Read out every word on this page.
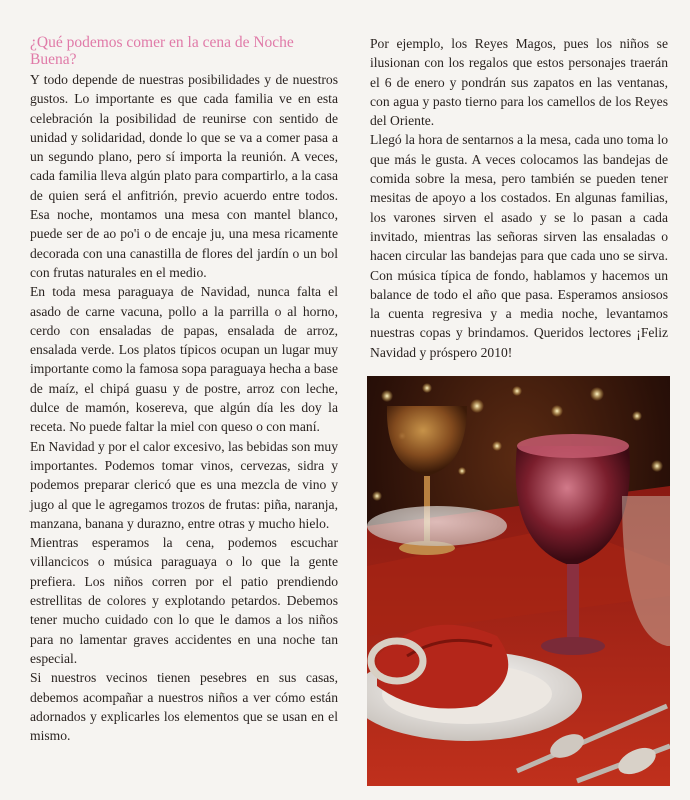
¿Qué podemos comer en la cena de Noche Buena?

Y todo depende de nuestras posibilidades y de nuestros gustos. Lo importante es que cada familia ve en esta celebración la posibilidad de reunirse con sentido de unidad y solidaridad, donde lo que se va a comer pasa a un segundo plano, pero sí importa la reunión. A veces, cada familia lleva algún plato para compartirlo, a la casa de quien será el anfitrión, previo acuerdo entre todos. Esa noche, montamos una mesa con mantel blanco, puede ser de ao po'i o de encaje ju, una mesa ricamente decorada con una canastilla de flores del jardín o un bol con frutas naturales en el medio.

En toda mesa paraguaya de Navidad, nunca falta el asado de carne vacuna, pollo a la parrilla o al horno, cerdo con ensaladas de papas, ensalada de arroz, ensalada verde. Los platos típicos ocupan un lugar muy importante como la famosa sopa paraguaya hecha a base de maíz, el chipá guasu y de postre, arroz con leche, dulce de mamón, kosereva, que algún día les doy la receta. No puede faltar la miel con queso o con maní.

En Navidad y por el calor excesivo, las bebidas son muy importantes. Podemos tomar vinos, cervezas, sidra y podemos preparar clericó que es una mezcla de vino y jugo al que le agregamos trozos de frutas: piña, naranja, manzana, banana y durazno, entre otras y mucho hielo.

Mientras esperamos la cena, podemos escuchar villancicos o música paraguaya o lo que la gente prefiera. Los niños corren por el patio prendiendo estrellitas de colores y explotando petardos. Debemos tener mucho cuidado con lo que le damos a los niños para no lamentar graves accidentes en una noche tan especial.

Si nuestros vecinos tienen pesebres en sus casas, debemos acompañar a nuestros niños a ver cómo están adornados y explicarles los elementos que se usan en el mismo.

Por ejemplo, los Reyes Magos, pues los niños se ilusionan con los regalos que estos personajes traerán el 6 de enero y pondrán sus zapatos en las ventanas, con agua y pasto tierno para los camellos de los Reyes del Oriente.

Llegó la hora de sentarnos a la mesa, cada uno toma lo que más le gusta. A veces colocamos las bandejas de comida sobre la mesa, pero también se pueden tener mesitas de apoyo a los costados. En algunas familias, los varones sirven el asado y se lo pasan a cada invitado, mientras las señoras sirven las ensaladas o hacen circular las bandejas para que cada uno se sirva. Con música típica de fondo, hablamos y hacemos un balance de todo el año que pasa. Esperamos ansiosos la cuenta regresiva y a media noche, levantamos nuestras copas y brindamos. Queridos lectores ¡Feliz Navidad y próspero 2010!
